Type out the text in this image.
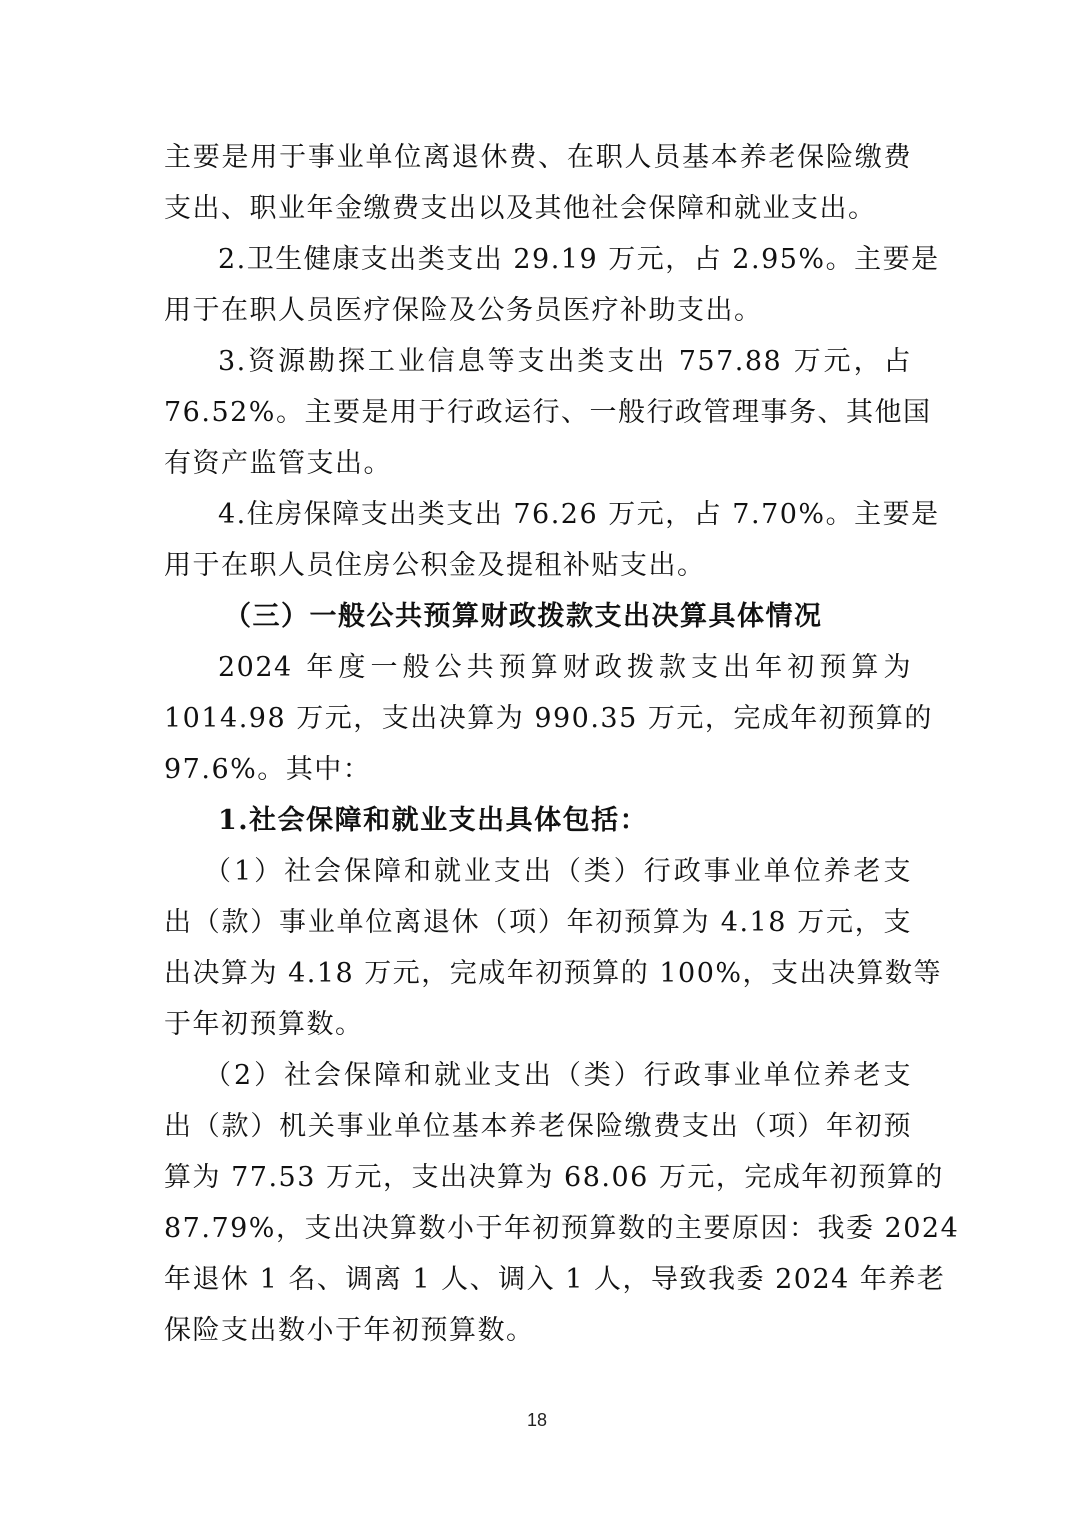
主要是用于事业单位离退休费、在职人员基本养老保险缴费
支出、职业年金缴费支出以及其他社会保障和就业支出。
2.卫生健康支出类支出 29.19 万元，占 2.95%。主要是
用于在职人员医疗保险及公务员医疗补助支出。
3.资源勘探工业信息等支出类支出 757.88 万元，占
76.52%。主要是用于行政运行、一般行政管理事务、其他国
有资产监管支出。
4.住房保障支出类支出 76.26 万元，占 7.70%。主要是
用于在职人员住房公积金及提租补贴支出。
（三）一般公共预算财政拨款支出决算具体情况
2024 年度一般公共预算财政拨款支出年初预算为
1014.98 万元，支出决算为 990.35 万元，完成年初预算的
97.6%。其中：
1.社会保障和就业支出具体包括：
（1）社会保障和就业支出（类）行政事业单位养老支
出（款）事业单位离退休（项）年初预算为 4.18 万元，支
出决算为 4.18 万元，完成年初预算的 100%，支出决算数等
于年初预算数。
（2）社会保障和就业支出（类）行政事业单位养老支
出（款）机关事业单位基本养老保险缴费支出（项）年初预
算为 77.53 万元，支出决算为 68.06 万元，完成年初预算的
87.79%，支出决算数小于年初预算数的主要原因：我委 2024
年退休 1 名、调离 1 人、调入 1 人，导致我委 2024 年养老
保险支出数小于年初预算数。
18
